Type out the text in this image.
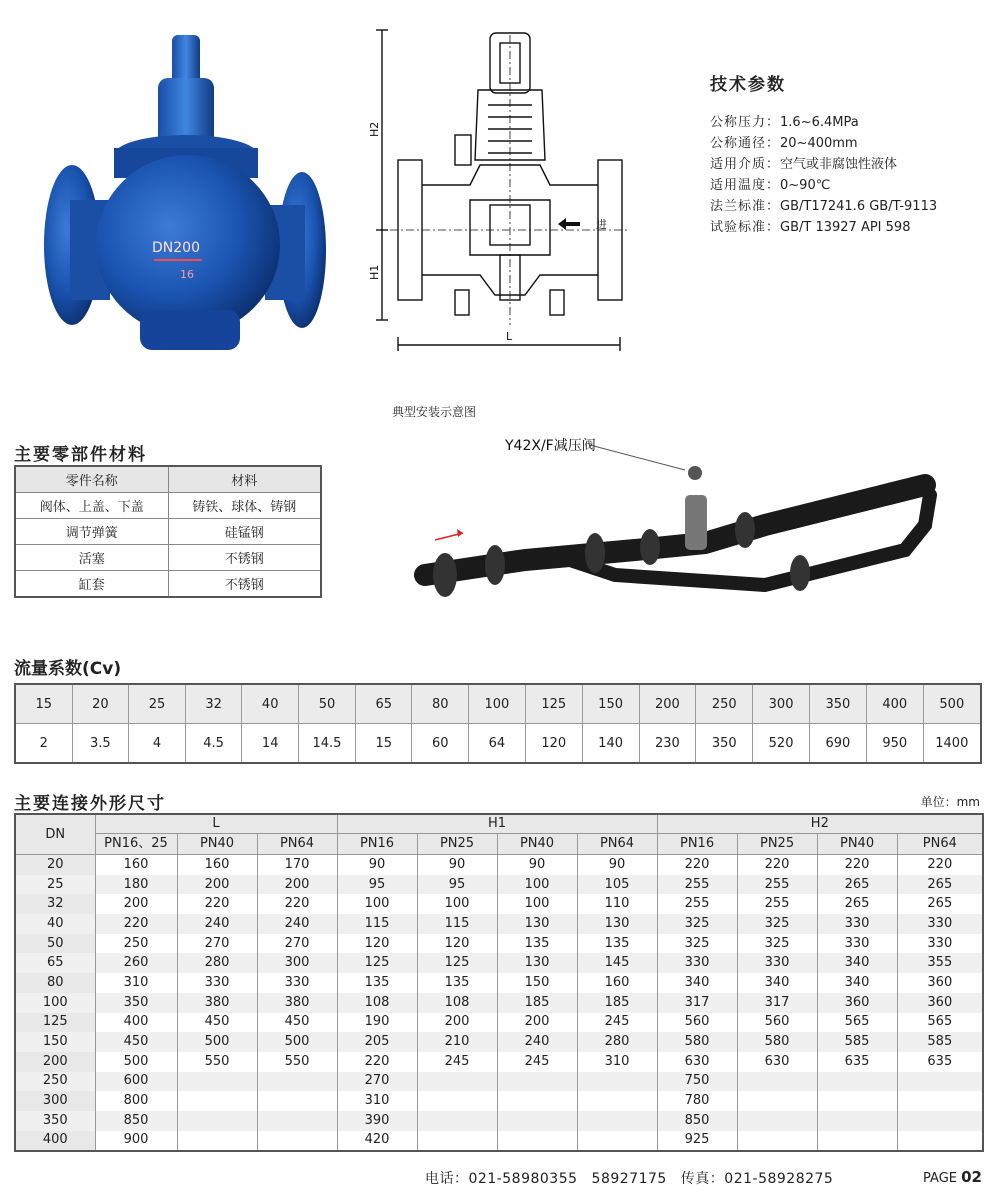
DN200
16
进
H2
H1
L
技术参数
公称压力：1.6~6.4MPa
公称通径：20~400mm
适用介质：空气或非腐蚀性液体
适用温度：0~90℃
法兰标准：GB/T17241.6 GB/T-9113
试验标准：GB/T 13927 API 598
主要零部件材料
零件名称	材料
阀体、上盖、下盖	铸铁、球体、铸钢
调节弹簧	硅锰钢
活塞	不锈钢
缸套	不锈钢
典型安装示意图
Y42X/F减压阀
流量系数(Cv)
15	20	25	32	40	50	65	80	100	125	150	200	250	300	350	400	500
2	3.5	4	4.5	14	14.5	15	60	64	120	140	230	350	520	690	950	1400
主要连接外形尺寸	单位：mm
DN	L			H1				H2			
	PN16、25	PN40	PN64	PN16	PN25	PN40	PN64	PN16	PN25	PN40	PN64
20	160	160	170	90	90	90	90	220	220	220	220
25	180	200	200	95	95	100	105	255	255	265	265
32	200	220	220	100	100	100	110	255	255	265	265
40	220	240	240	115	115	130	130	325	325	330	330
50	250	270	270	120	120	135	135	325	325	330	330
65	260	280	300	125	125	130	145	330	330	340	355
80	310	330	330	135	135	150	160	340	340	340	360
100	350	380	380	108	108	185	185	317	317	360	360
125	400	450	450	190	200	200	245	560	560	565	565
150	450	500	500	205	210	240	280	580	580	585	585
200	500	550	550	220	245	245	310	630	630	635	635
250	600			270				750			
300	800			310				780			
350	850			390				850			
400	900			420				925			
电话：021-58980355 58927175 传真：021-58928275	PAGE 02
